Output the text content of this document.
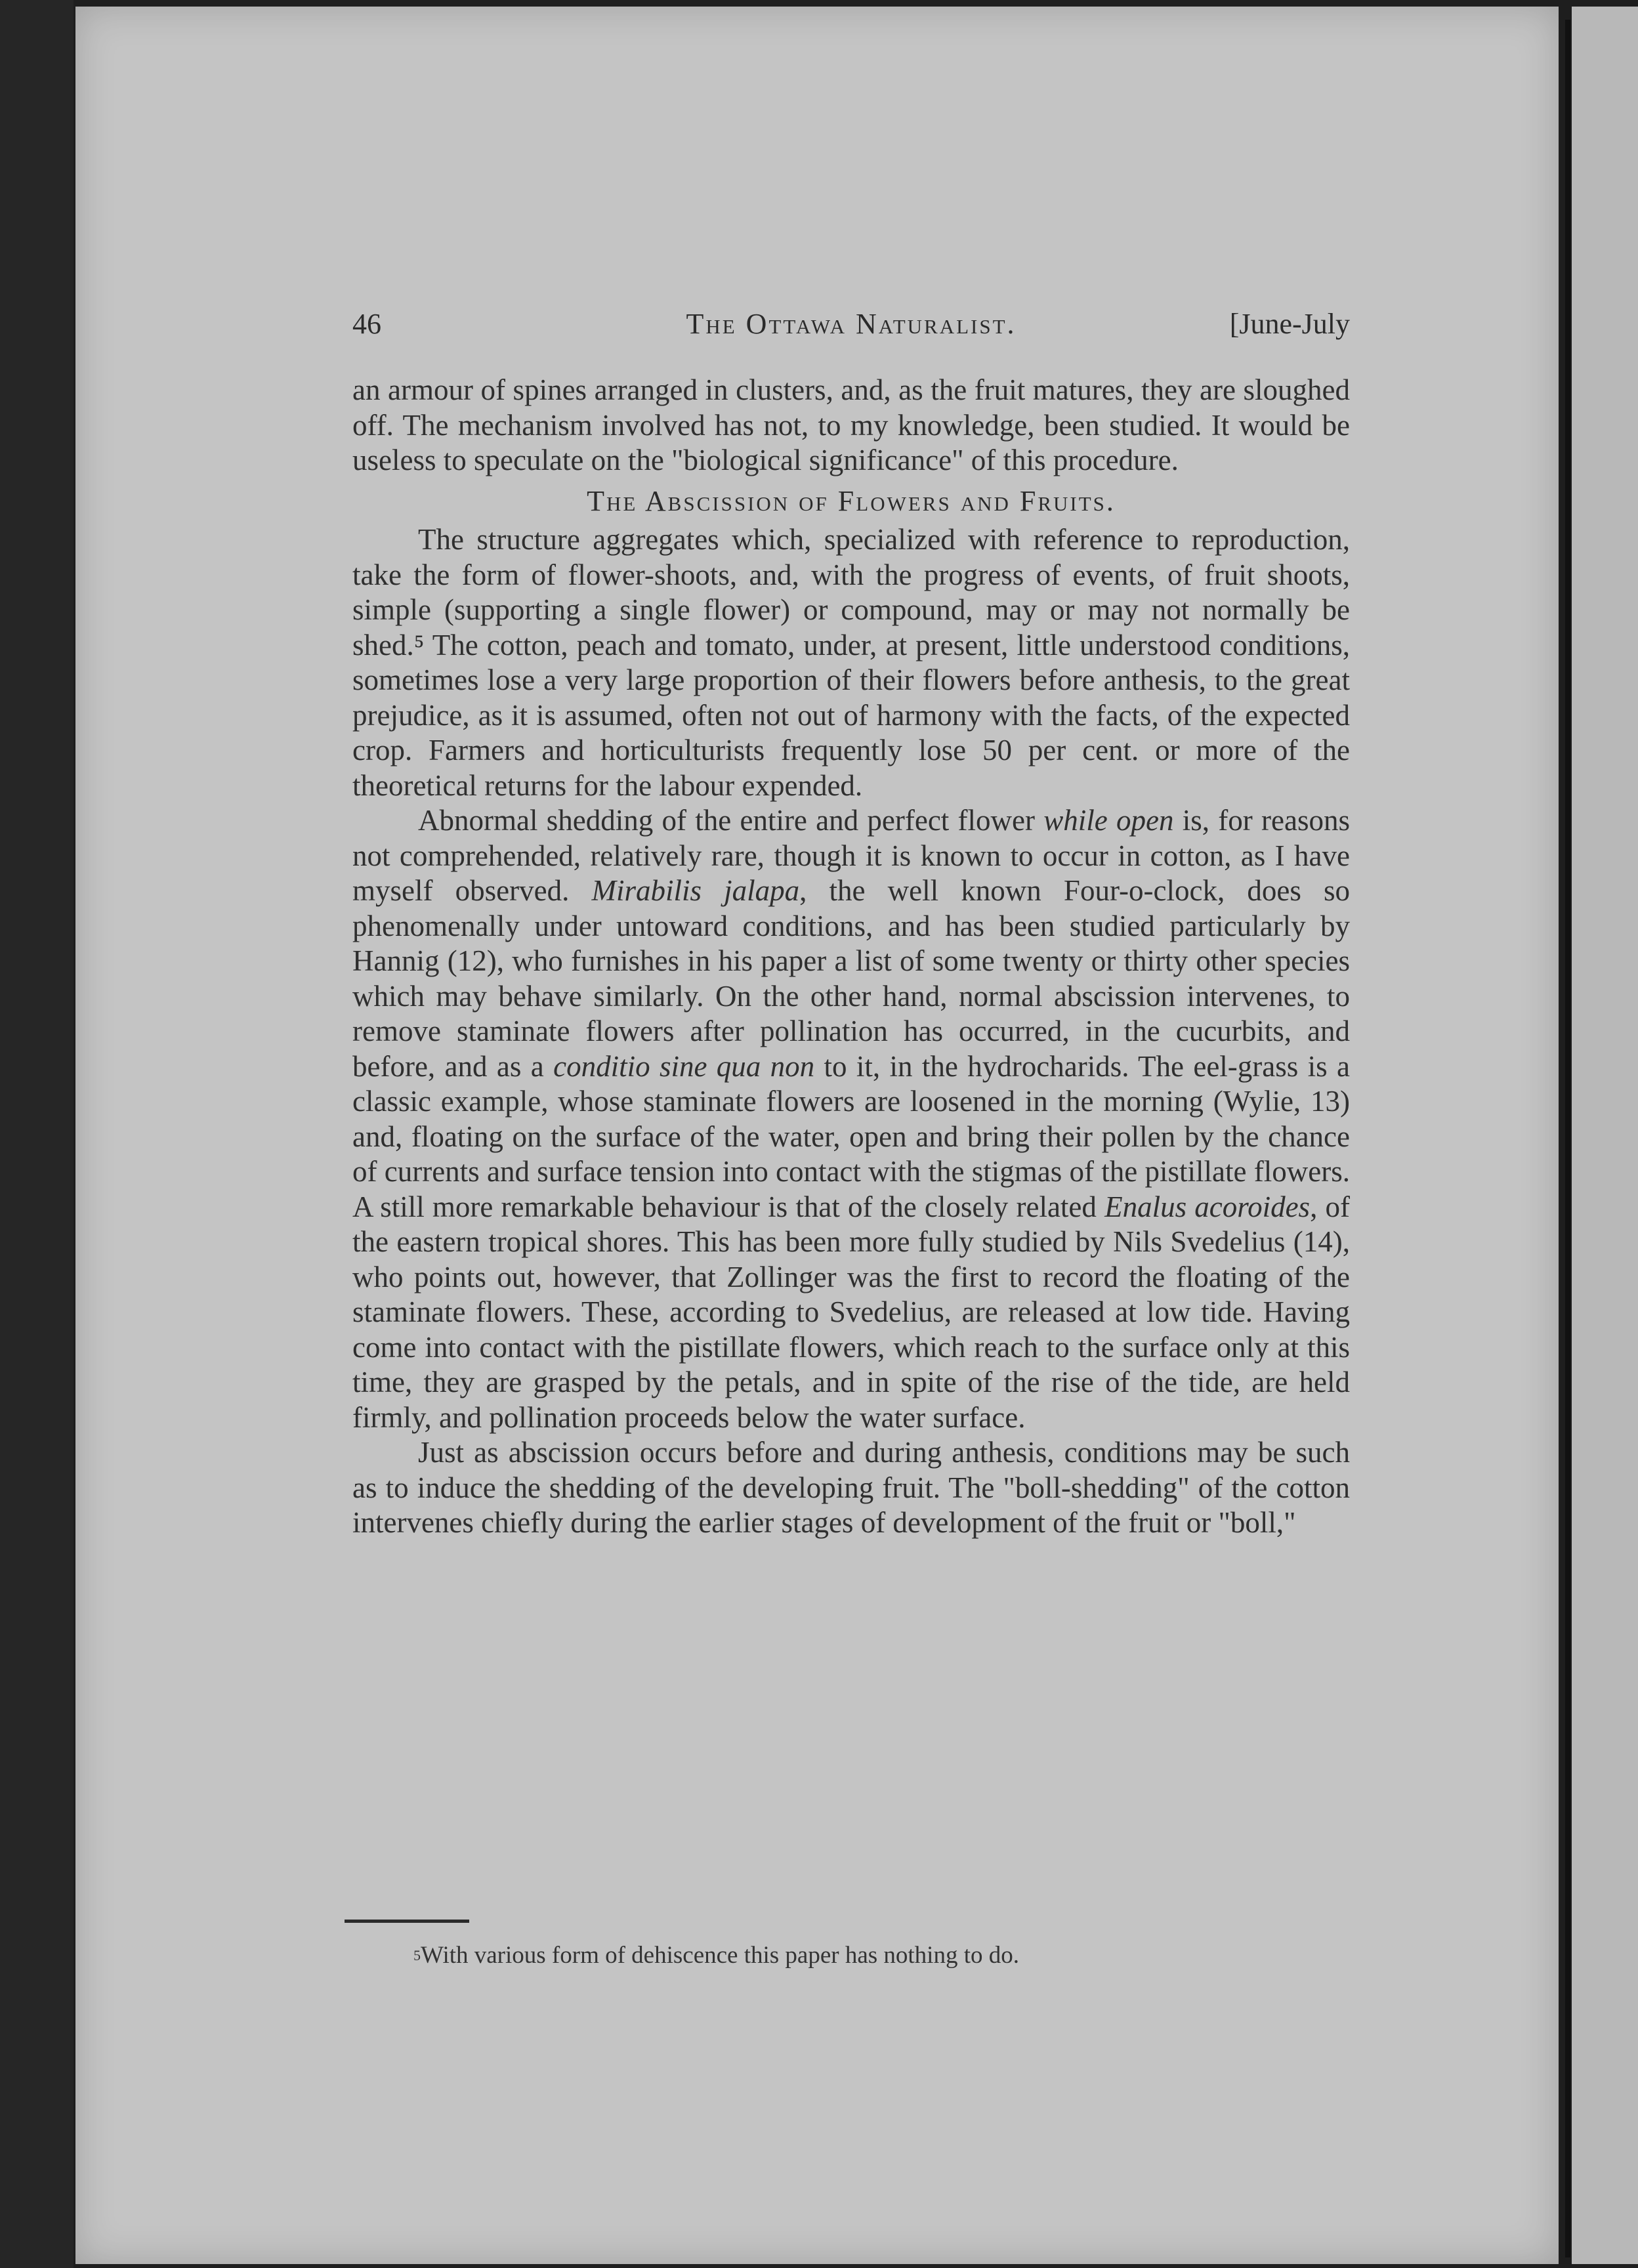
46	The Ottawa Naturalist.	[June-July

an armour of spines arranged in clusters, and, as the fruit matures, they are sloughed off. The mechanism involved has not, to my knowledge, been studied. It would be useless to speculate on the "biological significance" of this procedure.

The Abscission of Flowers and Fruits.

The structure aggregates which, specialized with reference to reproduction, take the form of flower-shoots, and, with the progress of events, of fruit shoots, simple (supporting a single flower) or compound, may or may not normally be shed.⁵ The cotton, peach and tomato, under, at present, little understood conditions, sometimes lose a very large proportion of their flowers before anthesis, to the great prejudice, as it is assumed, often not out of harmony with the facts, of the expected crop. Farmers and horticulturists frequently lose 50 per cent. or more of the theoretical returns for the labour expended.

Abnormal shedding of the entire and perfect flower while open is, for reasons not comprehended, relatively rare, though it is known to occur in cotton, as I have myself observed. Mirabilis jalapa, the well known Four-o-clock, does so phenomenally under untoward conditions, and has been studied particularly by Hannig (12), who furnishes in his paper a list of some twenty or thirty other species which may behave similarly. On the other hand, normal abscission intervenes, to remove staminate flowers after pollination has occurred, in the cucurbits, and before, and as a conditio sine qua non to it, in the hydrocharids. The eel-grass is a classic example, whose staminate flowers are loosened in the morning (Wylie, 13) and, floating on the surface of the water, open and bring their pollen by the chance of currents and surface tension into contact with the stigmas of the pistillate flowers. A still more remarkable behaviour is that of the closely related Enalus acoroides, of the eastern tropical shores. This has been more fully studied by Nils Svedelius (14), who points out, however, that Zollinger was the first to record the floating of the staminate flowers. These, according to Svedelius, are released at low tide. Having come into contact with the pistillate flowers, which reach to the surface only at this time, they are grasped by the petals, and in spite of the rise of the tide, are held firmly, and pollination proceeds below the water surface.

Just as abscission occurs before and during anthesis, conditions may be such as to induce the shedding of the developing fruit. The "boll-shedding" of the cotton intervenes chiefly during the earlier stages of development of the fruit or "boll,"

$^5$With various form of dehiscence this paper has nothing to do.
